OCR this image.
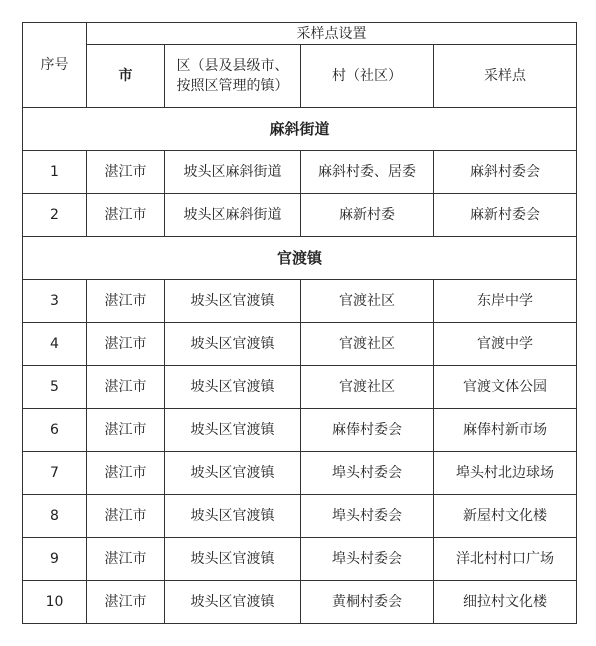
序号	采样点设置			
	市	区（县及县级市、按照区管理的镇）	村（社区）	采样点
麻斜街道				
1	湛江市	坡头区麻斜街道	麻斜村委、居委	麻斜村委会
2	湛江市	坡头区麻斜街道	麻新村委	麻新村委会
官渡镇				
3	湛江市	坡头区官渡镇	官渡社区	东岸中学
4	湛江市	坡头区官渡镇	官渡社区	官渡中学
5	湛江市	坡头区官渡镇	官渡社区	官渡文体公园
6	湛江市	坡头区官渡镇	麻俸村委会	麻俸村新市场
7	湛江市	坡头区官渡镇	埠头村委会	埠头村北边球场
8	湛江市	坡头区官渡镇	埠头村委会	新屋村文化楼
9	湛江市	坡头区官渡镇	埠头村委会	洋北村村口广场
10	湛江市	坡头区官渡镇	黄桐村委会	细拉村文化楼
